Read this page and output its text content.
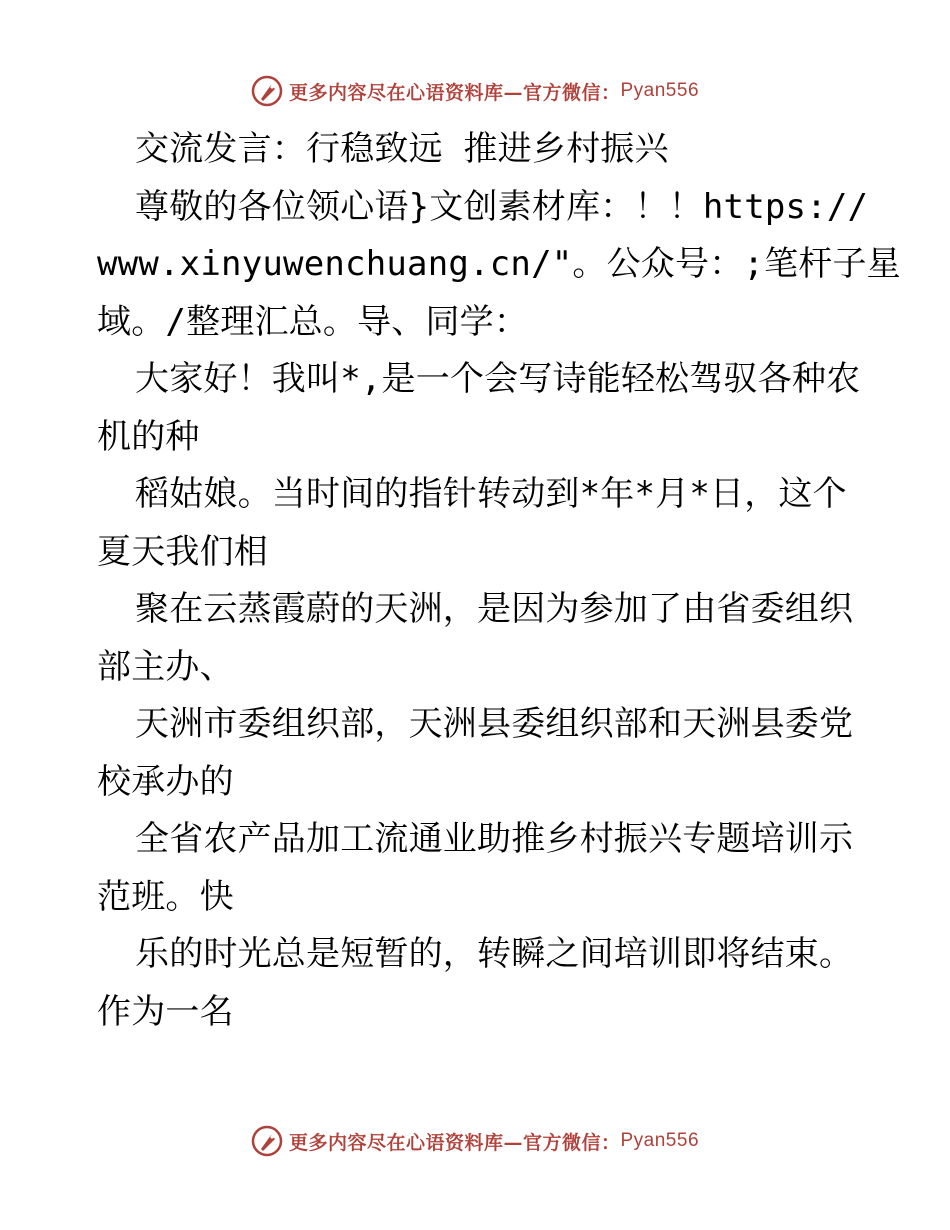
更多内容尽在心语资料库—官方微信： Pyan556
交流发言：行稳致远 推进乡村振兴
尊敬的各位领心语}文创素材库：！！https://
www.xinyuwenchuang.cn/"。公众号：;笔杆子星
域。/整理汇总。导、同学：
大家好！我叫*,是一个会写诗能轻松驾驭各种农
机的种
稻姑娘。当时间的指针转动到*年*月*日，这个
夏天我们相
聚在云蒸霞蔚的天洲，是因为参加了由省委组织
部主办、
天洲市委组织部，天洲县委组织部和天洲县委党
校承办的
全省农产品加工流通业助推乡村振兴专题培训示
范班。快
乐的时光总是短暂的，转瞬之间培训即将结束。
作为一名
更多内容尽在心语资料库—官方微信： Pyan556
